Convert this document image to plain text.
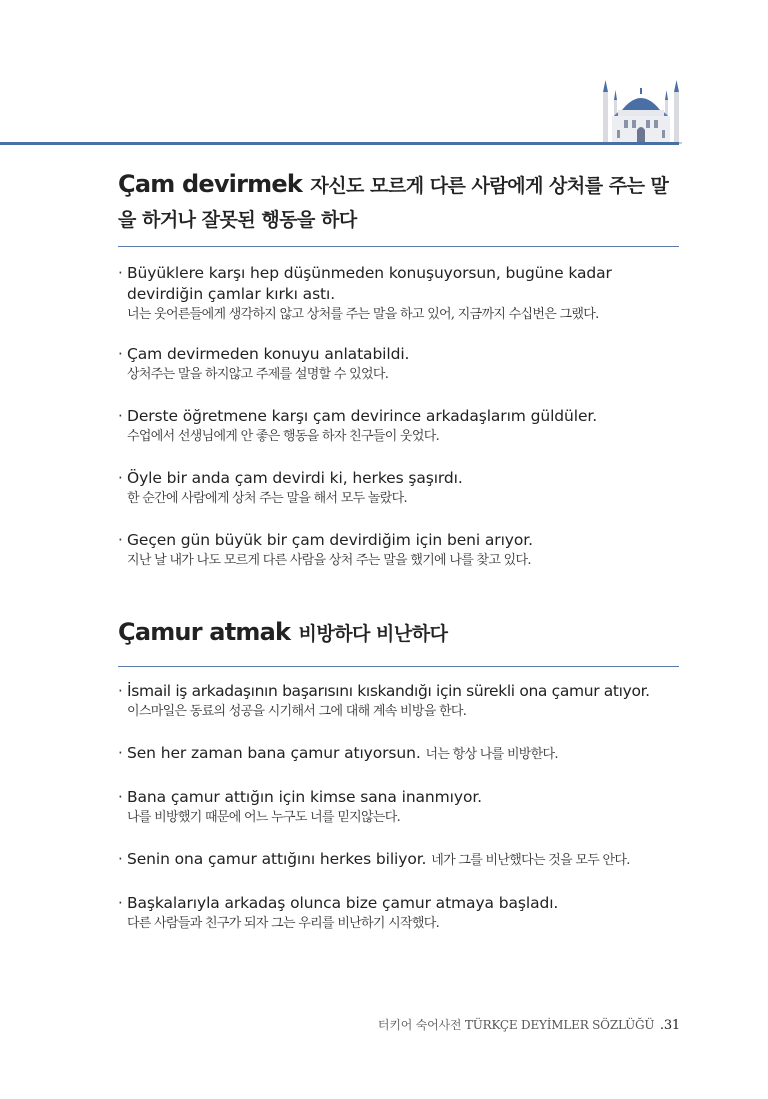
Çam devirmek 자신도 모르게 다른 사람에게 상처를 주는 말을 하거나 잘못된 행동을 하다
· Büyüklere karşı hep düşünmeden konuşuyorsun, bugüne kadar devirdiğin çamlar kırkı astı.
너는 웃어른들에게 생각하지 않고 상처를 주는 말을 하고 있어, 지금까지 수십번은 그랬다.
· Çam devirmeden konuyu anlatabildi.
상처주는 말을 하지않고 주제를 설명할 수 있었다.
· Derste öğretmene karşı çam devirince arkadaşlarım güldüler.
수업에서 선생님에게 안 좋은 행동을 하자 친구들이 웃었다.
· Öyle bir anda çam devirdi ki, herkes şaşırdı.
한 순간에 사람에게 상처 주는 말을 해서 모두 놀랐다.
· Geçen gün büyük bir çam devirdiğim için beni arıyor.
지난 날 내가 나도 모르게 다른 사람을 상처 주는 말을 했기에 나를 찾고 있다.
Çamur atmak 비방하다 비난하다
· İsmail iş arkadaşının başarısını kıskandığı için sürekli ona çamur atıyor.
이스마일은 동료의 성공을 시기해서 그에 대해 계속 비방을 한다.
· Sen her zaman bana çamur atıyorsun. 너는 항상 나를 비방한다.
· Bana çamur attığın için kimse sana inanmıyor.
나를 비방했기 때문에 어느 누구도 너를 믿지않는다.
· Senin ona çamur attığını herkes biliyor. 네가 그를 비난했다는 것을 모두 안다.
· Başkalarıyla arkadaş olunca bize çamur atmaya başladı.
다른 사람들과 친구가 되자 그는 우리를 비난하기 시작했다.
터키어 숙어사전 TÜRKÇE DEYİMLER SÖZLÜĞÜ .31
